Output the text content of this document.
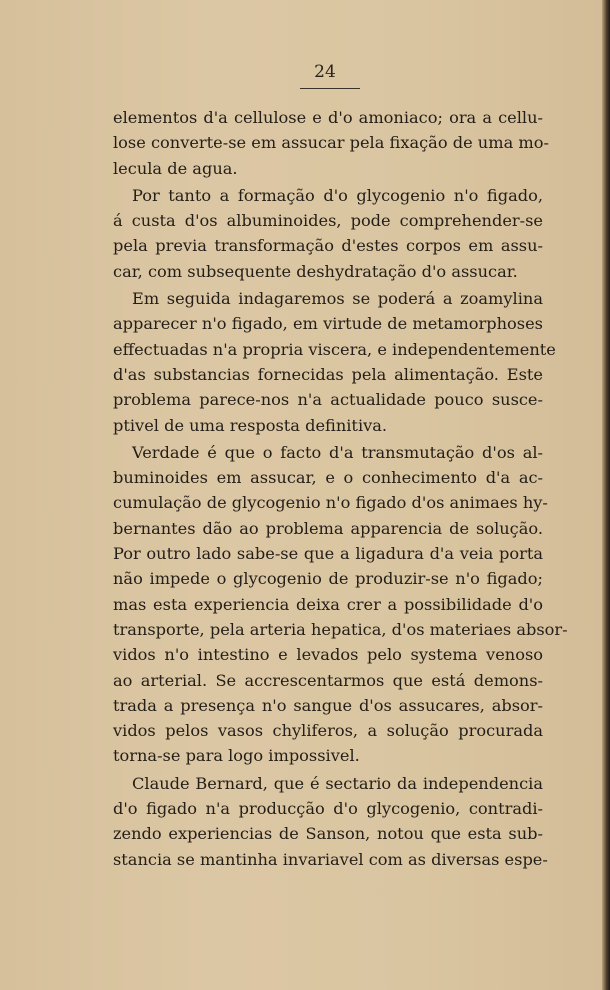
24
elementos d'a cellulose e d'o amoniaco; ora a cellu-
lose converte-se em assucar pela fixação de uma mo-
lecula de agua.
Por tanto a formação d'o glycogenio n'o figado,
á custa d'os albuminoides, pode comprehender-se
pela previa transformação d'estes corpos em assu-
car, com subsequente deshydratação d'o assucar.
Em seguida indagaremos se poderá a zoamylina
apparecer n'o figado, em virtude de metamorphoses
effectuadas n'a propria viscera, e independentemente
d'as substancias fornecidas pela alimentação. Este
problema parece-nos n'a actualidade pouco susce-
ptivel de uma resposta definitiva.
Verdade é que o facto d'a transmutação d'os al-
buminoides em assucar, e o conhecimento d'a ac-
cumulação de glycogenio n'o figado d'os animaes hy-
bernantes dão ao problema apparencia de solução.
Por outro lado sabe-se que a ligadura d'a veia porta
não impede o glycogenio de produzir-se n'o figado;
mas esta experiencia deixa crer a possibilidade d'o
transporte, pela arteria hepatica, d'os materiaes absor-
vidos n'o intestino e levados pelo systema venoso
ao arterial. Se accrescentarmos que está demons-
trada a presença n'o sangue d'os assucares, absor-
vidos pelos vasos chyliferos, a solução procurada
torna-se para logo impossivel.
Claude Bernard, que é sectario da independencia
d'o figado n'a producção d'o glycogenio, contradi-
zendo experiencias de Sanson, notou que esta sub-
stancia se mantinha invariavel com as diversas espe-
